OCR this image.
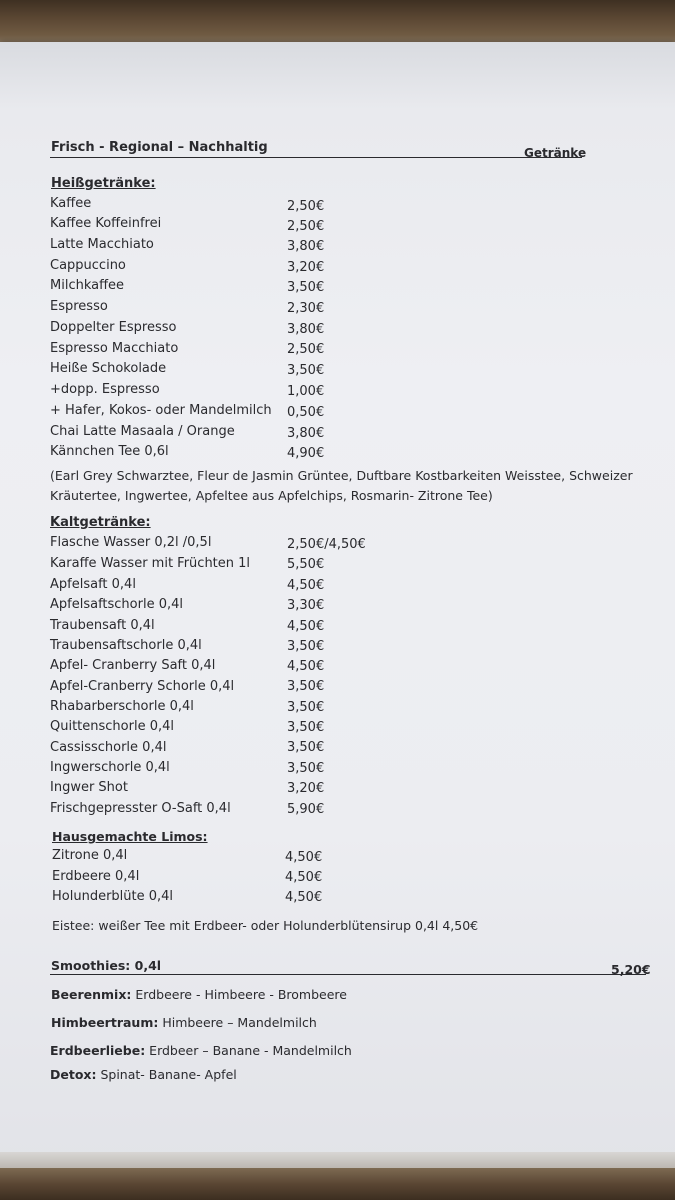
Frisch - Regional – Nachhaltig	Getränke
Heißgetränke:
Kaffee	2,50€
Kaffee Koffeinfrei	2,50€
Latte Macchiato	3,80€
Cappuccino	3,20€
Milchkaffee	3,50€
Espresso	2,30€
Doppelter Espresso	3,80€
Espresso Macchiato	2,50€
Heiße Schokolade	3,50€
+dopp. Espresso	1,00€
+ Hafer, Kokos- oder Mandelmilch 0,50€
Chai Latte Masaala / Orange	3,80€
Kännchen Tee 0,6l	4,90€
(Earl Grey Schwarztee, Fleur de Jasmin Grüntee, Duftbare Kostbarkeiten Weisstee, Schweizer
Kräutertee, Ingwertee, Apfeltee aus Apfelchips, Rosmarin- Zitrone Tee)
Kaltgetränke:
Flasche Wasser 0,2l /0,5l	2,50€/4,50€
Karaffe Wasser mit Früchten 1l	5,50€
Apfelsaft 0,4l	4,50€
Apfelsaftschorle 0,4l	3,30€
Traubensaft 0,4l	4,50€
Traubensaftschorle 0,4l	3,50€
Apfel- Cranberry Saft 0,4l	4,50€
Apfel-Cranberry Schorle 0,4l	3,50€
Rhabarberschorle 0,4l	3,50€
Quittenschorle 0,4l	3,50€
Cassisschorle 0,4l	3,50€
Ingwerschorle 0,4l	3,50€
Ingwer Shot	3,20€
Frischgepresster O-Saft 0,4l	5,90€
Hausgemachte Limos:
Zitrone 0,4l	4,50€
Erdbeere 0,4l	4,50€
Holunderblüte 0,4l	4,50€
Eistee: weißer Tee mit Erdbeer- oder Holunderblütensirup 0,4l 4,50€
Smoothies: 0,4l	5,20€
Beerenmix: Erdbeere - Himbeere - Brombeere
Himbeertraum: Himbeere – Mandelmilch
Erdbeerliebe: Erdbeer – Banane - Mandelmilch
Detox: Spinat- Banane- Apfel
